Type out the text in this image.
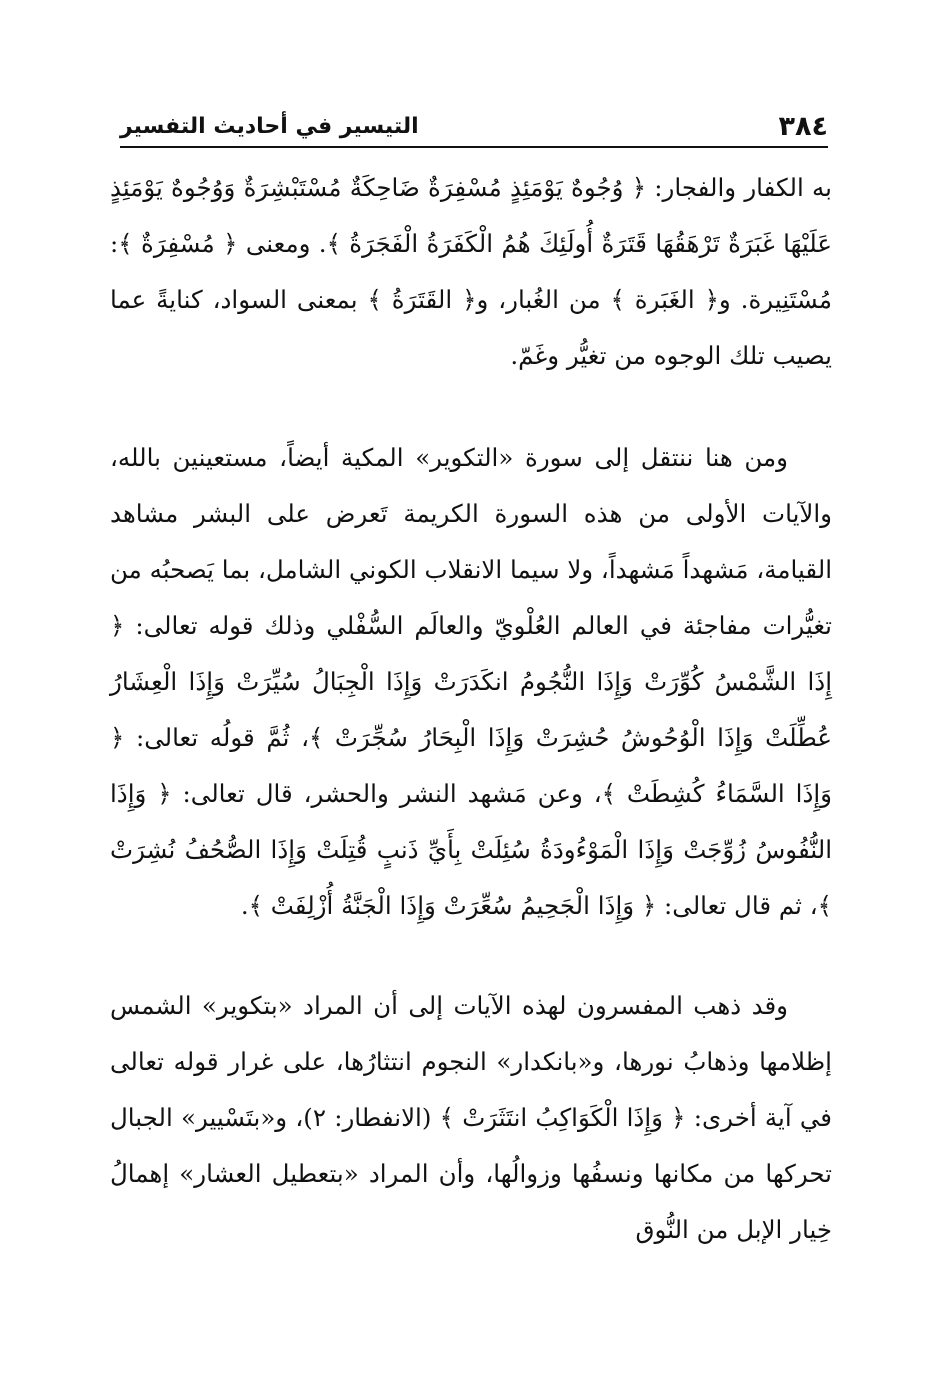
٣٨٤
التيسير في أحاديث التفسير

به الكفار والفجار: ﴿ وُجُوهٌ يَوْمَئِذٍ مُسْفِرَةٌ ضَاحِكَةٌ مُسْتَبْشِرَةٌ وَوُجُوهٌ يَوْمَئِذٍ عَلَيْهَا غَبَرَةٌ تَرْهَقُهَا قَتَرَةٌ أُولَئِكَ هُمُ الْكَفَرَةُ الْفَجَرَةُ ﴾. ومعنى ﴿ مُسْفِرَةٌ ﴾: مُسْتَنِيرة. و﴿ الغَبَرة ﴾ من الغُبار، و﴿ القَتَرَةُ ﴾ بمعنى السواد، كنايةً عما يصيب تلك الوجوه من تغيُّر وغَمّ.

ومن هنا ننتقل إلى سورة «التكوير» المكية أيضاً، مستعينين بالله، والآيات الأولى من هذه السورة الكريمة تَعرض على البشر مشاهد القيامة، مَشهداً مَشهداً، ولا سيما الانقلاب الكوني الشامل، بما يَصحبُه من تغيُّرات مفاجئة في العالم العُلْويّ والعالَم السُّفْلي وذلك قوله تعالى: ﴿ إِذَا الشَّمْسُ كُوِّرَتْ وَإِذَا النُّجُومُ انكَدَرَتْ وَإِذَا الْجِبَالُ سُيِّرَتْ وَإِذَا الْعِشَارُ عُطِّلَتْ وَإِذَا الْوُحُوشُ حُشِرَتْ وَإِذَا الْبِحَارُ سُجِّرَتْ ﴾، ثُمَّ قولُه تعالى: ﴿ وَإِذَا السَّمَاءُ كُشِطَتْ ﴾، وعن مَشهد النشر والحشر، قال تعالى: ﴿ وَإِذَا النُّفُوسُ زُوِّجَتْ وَإِذَا الْمَوْءُودَةُ سُئِلَتْ بِأَيِّ ذَنبٍ قُتِلَتْ وَإِذَا الصُّحُفُ نُشِرَتْ ﴾، ثم قال تعالى: ﴿ وَإِذَا الْجَحِيمُ سُعِّرَتْ وَإِذَا الْجَنَّةُ أُزْلِفَتْ ﴾.

وقد ذهب المفسرون لهذه الآيات إلى أن المراد «بتكوير» الشمس إظلامها وذهابُ نورها، و«بانكدار» النجوم انتثارُها، على غرار قوله تعالى في آية أخرى: ﴿ وَإِذَا الْكَوَاكِبُ انتَثَرَتْ ﴾ (الانفطار: ٢)، و«بتَسْيير» الجبال تحركها من مكانها ونسفُها وزوالُها، وأن المراد «بتعطيل العشار» إهمالُ خِيار الإبل من النُّوق
